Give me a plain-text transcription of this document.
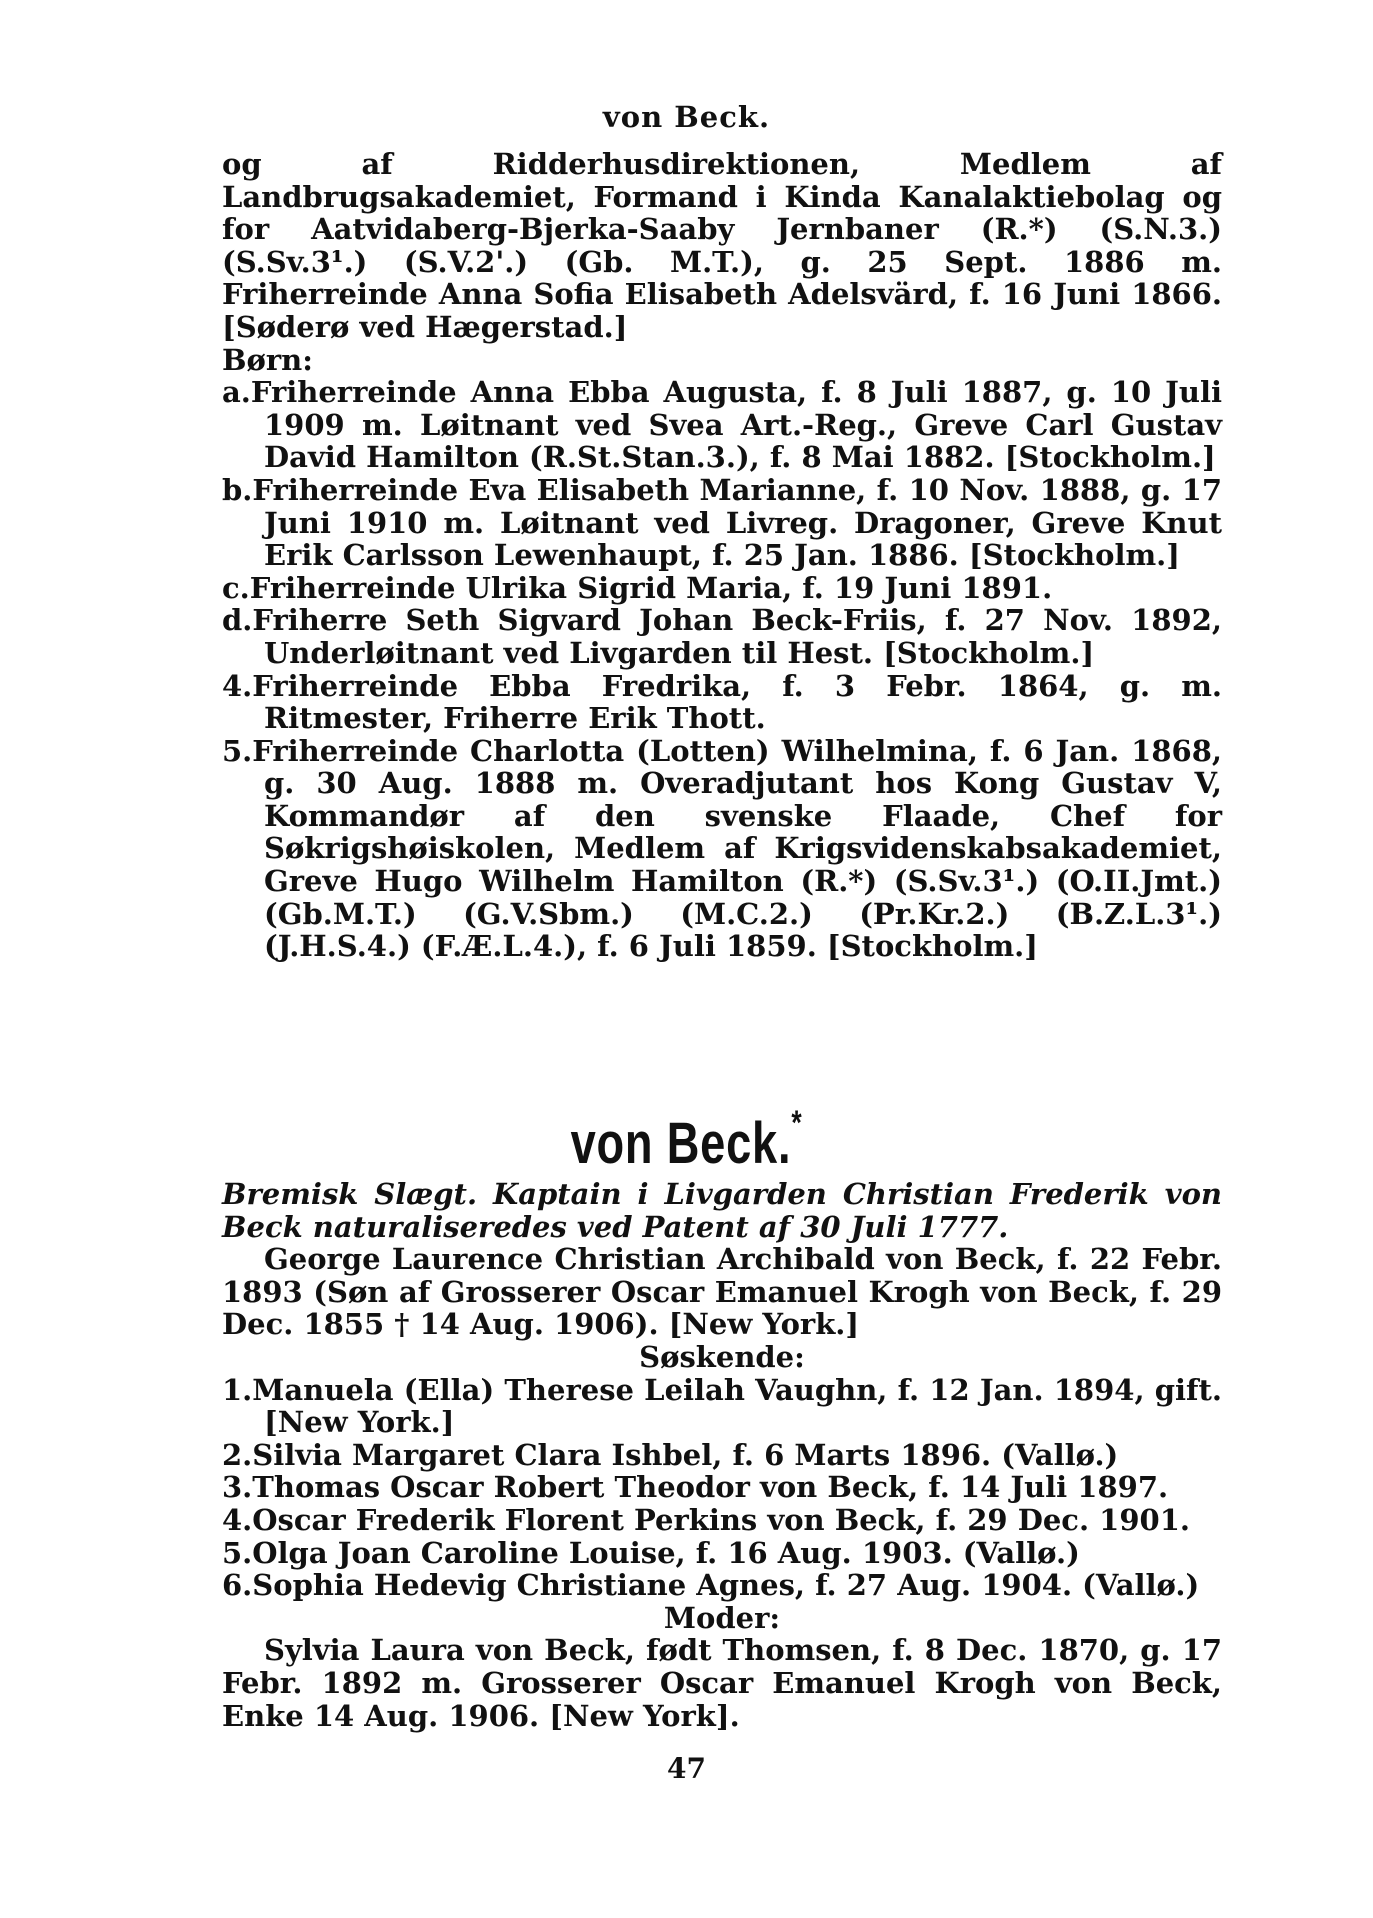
von Beck.
og af Ridderhusdirektionen, Medlem af Landbrugsakademiet, Formand i Kinda Kanalaktiebolag og for Aatvidaberg-Bjerka-Saaby Jernbaner (R.*) (S.N.3.) (S.Sv.3¹.) (S.V.2'.) (Gb. M.T.), g. 25 Sept. 1886 m. Friherreinde Anna Sofia Elisabeth Adelsvärd, f. 16 Juni 1866. [Søderø ved Hægerstad.]
Børn:
a.Friherreinde Anna Ebba Augusta, f. 8 Juli 1887, g. 10 Juli 1909 m. Løitnant ved Svea Art.-Reg., Greve Carl Gustav David Hamilton (R.St.Stan.3.), f. 8 Mai 1882. [Stockholm.]
b.Friherreinde Eva Elisabeth Marianne, f. 10 Nov. 1888, g. 17 Juni 1910 m. Løitnant ved Livreg. Dragoner, Greve Knut Erik Carlsson Lewenhaupt, f. 25 Jan. 1886. [Stockholm.]
c.Friherreinde Ulrika Sigrid Maria, f. 19 Juni 1891.
d.Friherre Seth Sigvard Johan Beck-Friis, f. 27 Nov. 1892, Underløitnant ved Livgarden til Hest. [Stockholm.]
4.Friherreinde Ebba Fredrika, f. 3 Febr. 1864, g. m. Ritmester, Friherre Erik Thott.
5.Friherreinde Charlotta (Lotten) Wilhelmina, f. 6 Jan. 1868, g. 30 Aug. 1888 m. Overadjutant hos Kong Gustav V, Kommandør af den svenske Flaade, Chef for Søkrigshøiskolen, Medlem af Krigsvidenskabsakademiet, Greve Hugo Wilhelm Hamilton (R.*) (S.Sv.3¹.) (O.II.Jmt.) (Gb.M.T.) (G.V.Sbm.) (M.C.2.) (Pr.Kr.2.) (B.Z.L.3¹.) (J.H.S.4.) (F.Æ.L.4.), f. 6 Juli 1859. [Stockholm.]
von Beck.*
Bremisk Slægt. Kaptain i Livgarden Christian Frederik von Beck naturaliseredes ved Patent af 30 Juli 1777.
George Laurence Christian Archibald von Beck, f. 22 Febr. 1893 (Søn af Grosserer Oscar Emanuel Krogh von Beck, f. 29 Dec. 1855 † 14 Aug. 1906). [New York.]
Søskende:
1.Manuela (Ella) Therese Leilah Vaughn, f. 12 Jan. 1894, gift. [New York.]
2.Silvia Margaret Clara Ishbel, f. 6 Marts 1896. (Vallø.)
3.Thomas Oscar Robert Theodor von Beck, f. 14 Juli 1897.
4.Oscar Frederik Florent Perkins von Beck, f. 29 Dec. 1901.
5.Olga Joan Caroline Louise, f. 16 Aug. 1903. (Vallø.)
6.Sophia Hedevig Christiane Agnes, f. 27 Aug. 1904. (Vallø.)
Moder:
Sylvia Laura von Beck, født Thomsen, f. 8 Dec. 1870, g. 17 Febr. 1892 m. Grosserer Oscar Emanuel Krogh von Beck, Enke 14 Aug. 1906. [New York].
47
